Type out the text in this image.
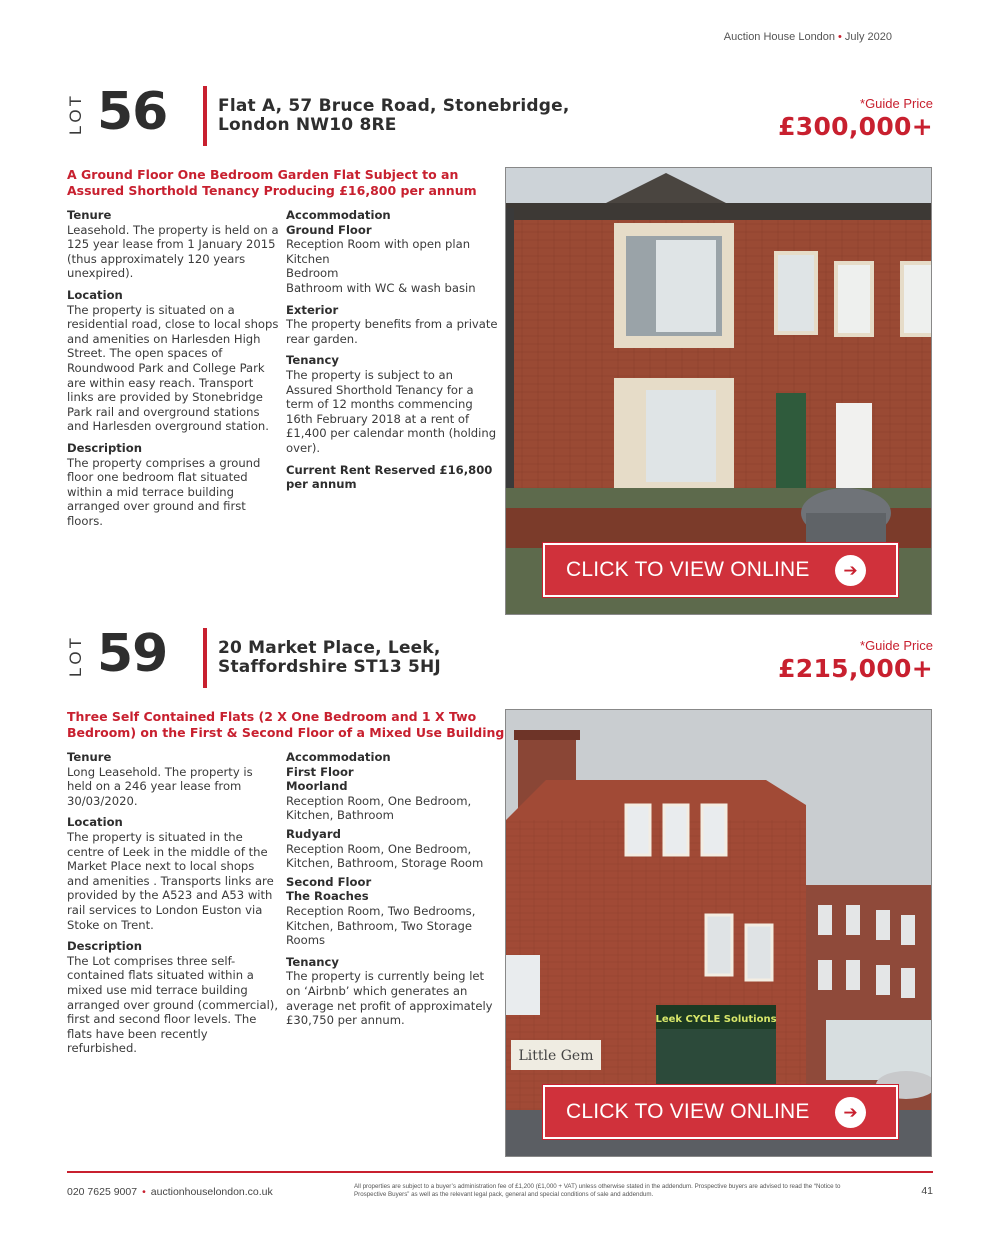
Auction House London • July 2020
LOT 56	Flat A, 57 Bruce Road, Stonebridge,
London NW10 8RE
*Guide Price
£300,000+
A Ground Floor One Bedroom Garden Flat Subject to an Assured Shorthold Tenancy Producing £16,800 per annum
Tenure
Leasehold. The property is held on a 125 year lease from 1 January 2015 (thus approximately 120 years unexpired).
Location
The property is situated on a residential road, close to local shops and amenities on Harlesden High Street. The open spaces of Roundwood Park and College Park are within easy reach. Transport links are provided by Stonebridge Park rail and overground stations and Harlesden overground station.
Description
The property comprises a ground floor one bedroom flat situated within a mid terrace building arranged over ground and first floors.
Accommodation
Ground Floor
Reception Room with open plan
Kitchen
Bedroom
Bathroom with WC & wash basin
Exterior
The property benefits from a private rear garden.
Tenancy
The property is subject to an Assured Shorthold Tenancy for a term of 12 months commencing 16th February 2018 at a rent of £1,400 per calendar month (holding over).
Current Rent Reserved £16,800 per annum
CLICK TO VIEW ONLINE	➔
LOT 59	20 Market Place, Leek,
Staffordshire ST13 5HJ
*Guide Price
£215,000+
Three Self Contained Flats (2 X One Bedroom and 1 X Two Bedroom) on the First & Second Floor of a Mixed Use Building
Tenure
Long Leasehold. The property is held on a 246 year lease from 30/03/2020.
Location
The property is situated in the centre of Leek in the middle of the Market Place next to local shops and amenities . Transports links are provided by the A523 and A53 with rail services to London Euston via Stoke on Trent.
Description
The Lot comprises three self-contained flats situated within a mixed use mid terrace building arranged over ground (commercial), first and second floor levels. The flats have been recently refurbished.
Accommodation
First Floor
Moorland
Reception Room, One Bedroom, Kitchen, Bathroom
Rudyard
Reception Room, One Bedroom, Kitchen, Bathroom, Storage Room
Second Floor
The Roaches
Reception Room, Two Bedrooms, Kitchen, Bathroom, Two Storage Rooms
Tenancy
The property is currently being let on ‘Airbnb’ which generates an average net profit of approximately £30,750 per annum.	Leek CYCLE Solutions
Little Gem
CLICK TO VIEW ONLINE	➔
020 7625 9007 • auctionhouselondon.co.uk	All properties are subject to a buyer’s administration fee of £1,200 (£1,000 + VAT) unless otherwise stated in the addendum. Prospective buyers are advised to read the “Notice to Prospective Buyers” as well as the relevant legal pack, general and special conditions of sale and addendum.	41
